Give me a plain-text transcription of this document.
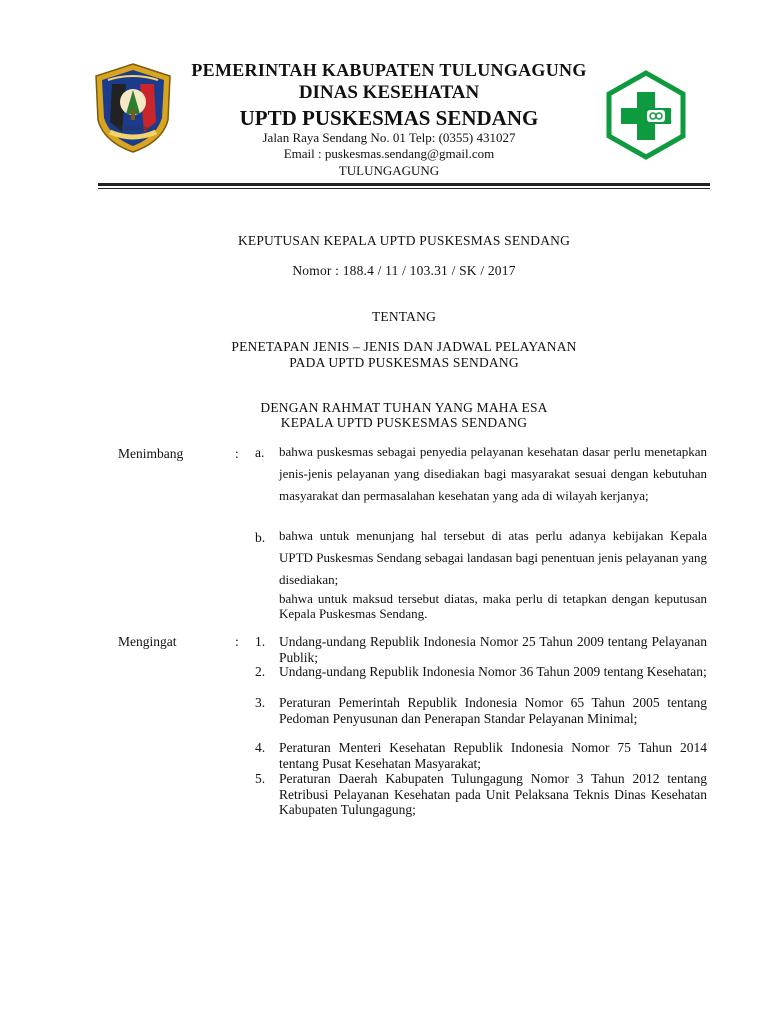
TULUNGAGUNG
PEMERINTAH KABUPATEN TULUNGAGUNG
DINAS KESEHATAN
UPTD PUSKESMAS SENDANG
Jalan Raya Sendang No. 01 Telp: (0355) 431027
Email : puskesmas.sendang@gmail.com
TULUNGAGUNG
KEPUTUSAN KEPALA UPTD PUSKESMAS SENDANG
Nomor : 188.4 / 11 / 103.31 / SK / 2017
TENTANG
PENETAPAN JENIS – JENIS DAN JADWAL PELAYANAN
PADA UPTD PUSKESMAS SENDANG
DENGAN RAHMAT TUHAN YANG MAHA ESA
KEPALA UPTD PUSKESMAS SENDANG
Menimbang	: a.	bahwa puskesmas sebagai penyedia pelayanan kesehatan dasar perlu menetapkan jenis-jenis pelayanan yang disediakan bagi masyarakat sesuai dengan kebutuhan masyarakat dan permasalahan kesehatan yang ada di wilayah kerjanya;
b.	bahwa untuk menunjang hal tersebut di atas perlu adanya kebijakan Kepala UPTD Puskesmas Sendang sebagai landasan bagi penentuan jenis pelayanan yang disediakan;
bahwa untuk maksud tersebut diatas, maka perlu di tetapkan dengan keputusan Kepala Puskesmas Sendang.
Mengingat	: 1.	Undang-undang Republik Indonesia Nomor 25 Tahun 2009 tentang Pelayanan Publik;
2.	Undang-undang Republik Indonesia Nomor 36 Tahun 2009 tentang Kesehatan;
3.	Peraturan Pemerintah Republik Indonesia Nomor 65 Tahun 2005 tentang Pedoman Penyusunan dan Penerapan Standar Pelayanan Minimal;
4.	Peraturan Menteri Kesehatan Republik Indonesia Nomor 75 Tahun 2014 tentang Pusat Kesehatan Masyarakat;
5.	Peraturan Daerah Kabupaten Tulungagung Nomor 3 Tahun 2012 tentang Retribusi Pelayanan Kesehatan pada Unit Pelaksana Teknis Dinas Kesehatan Kabupaten Tulungagung;
